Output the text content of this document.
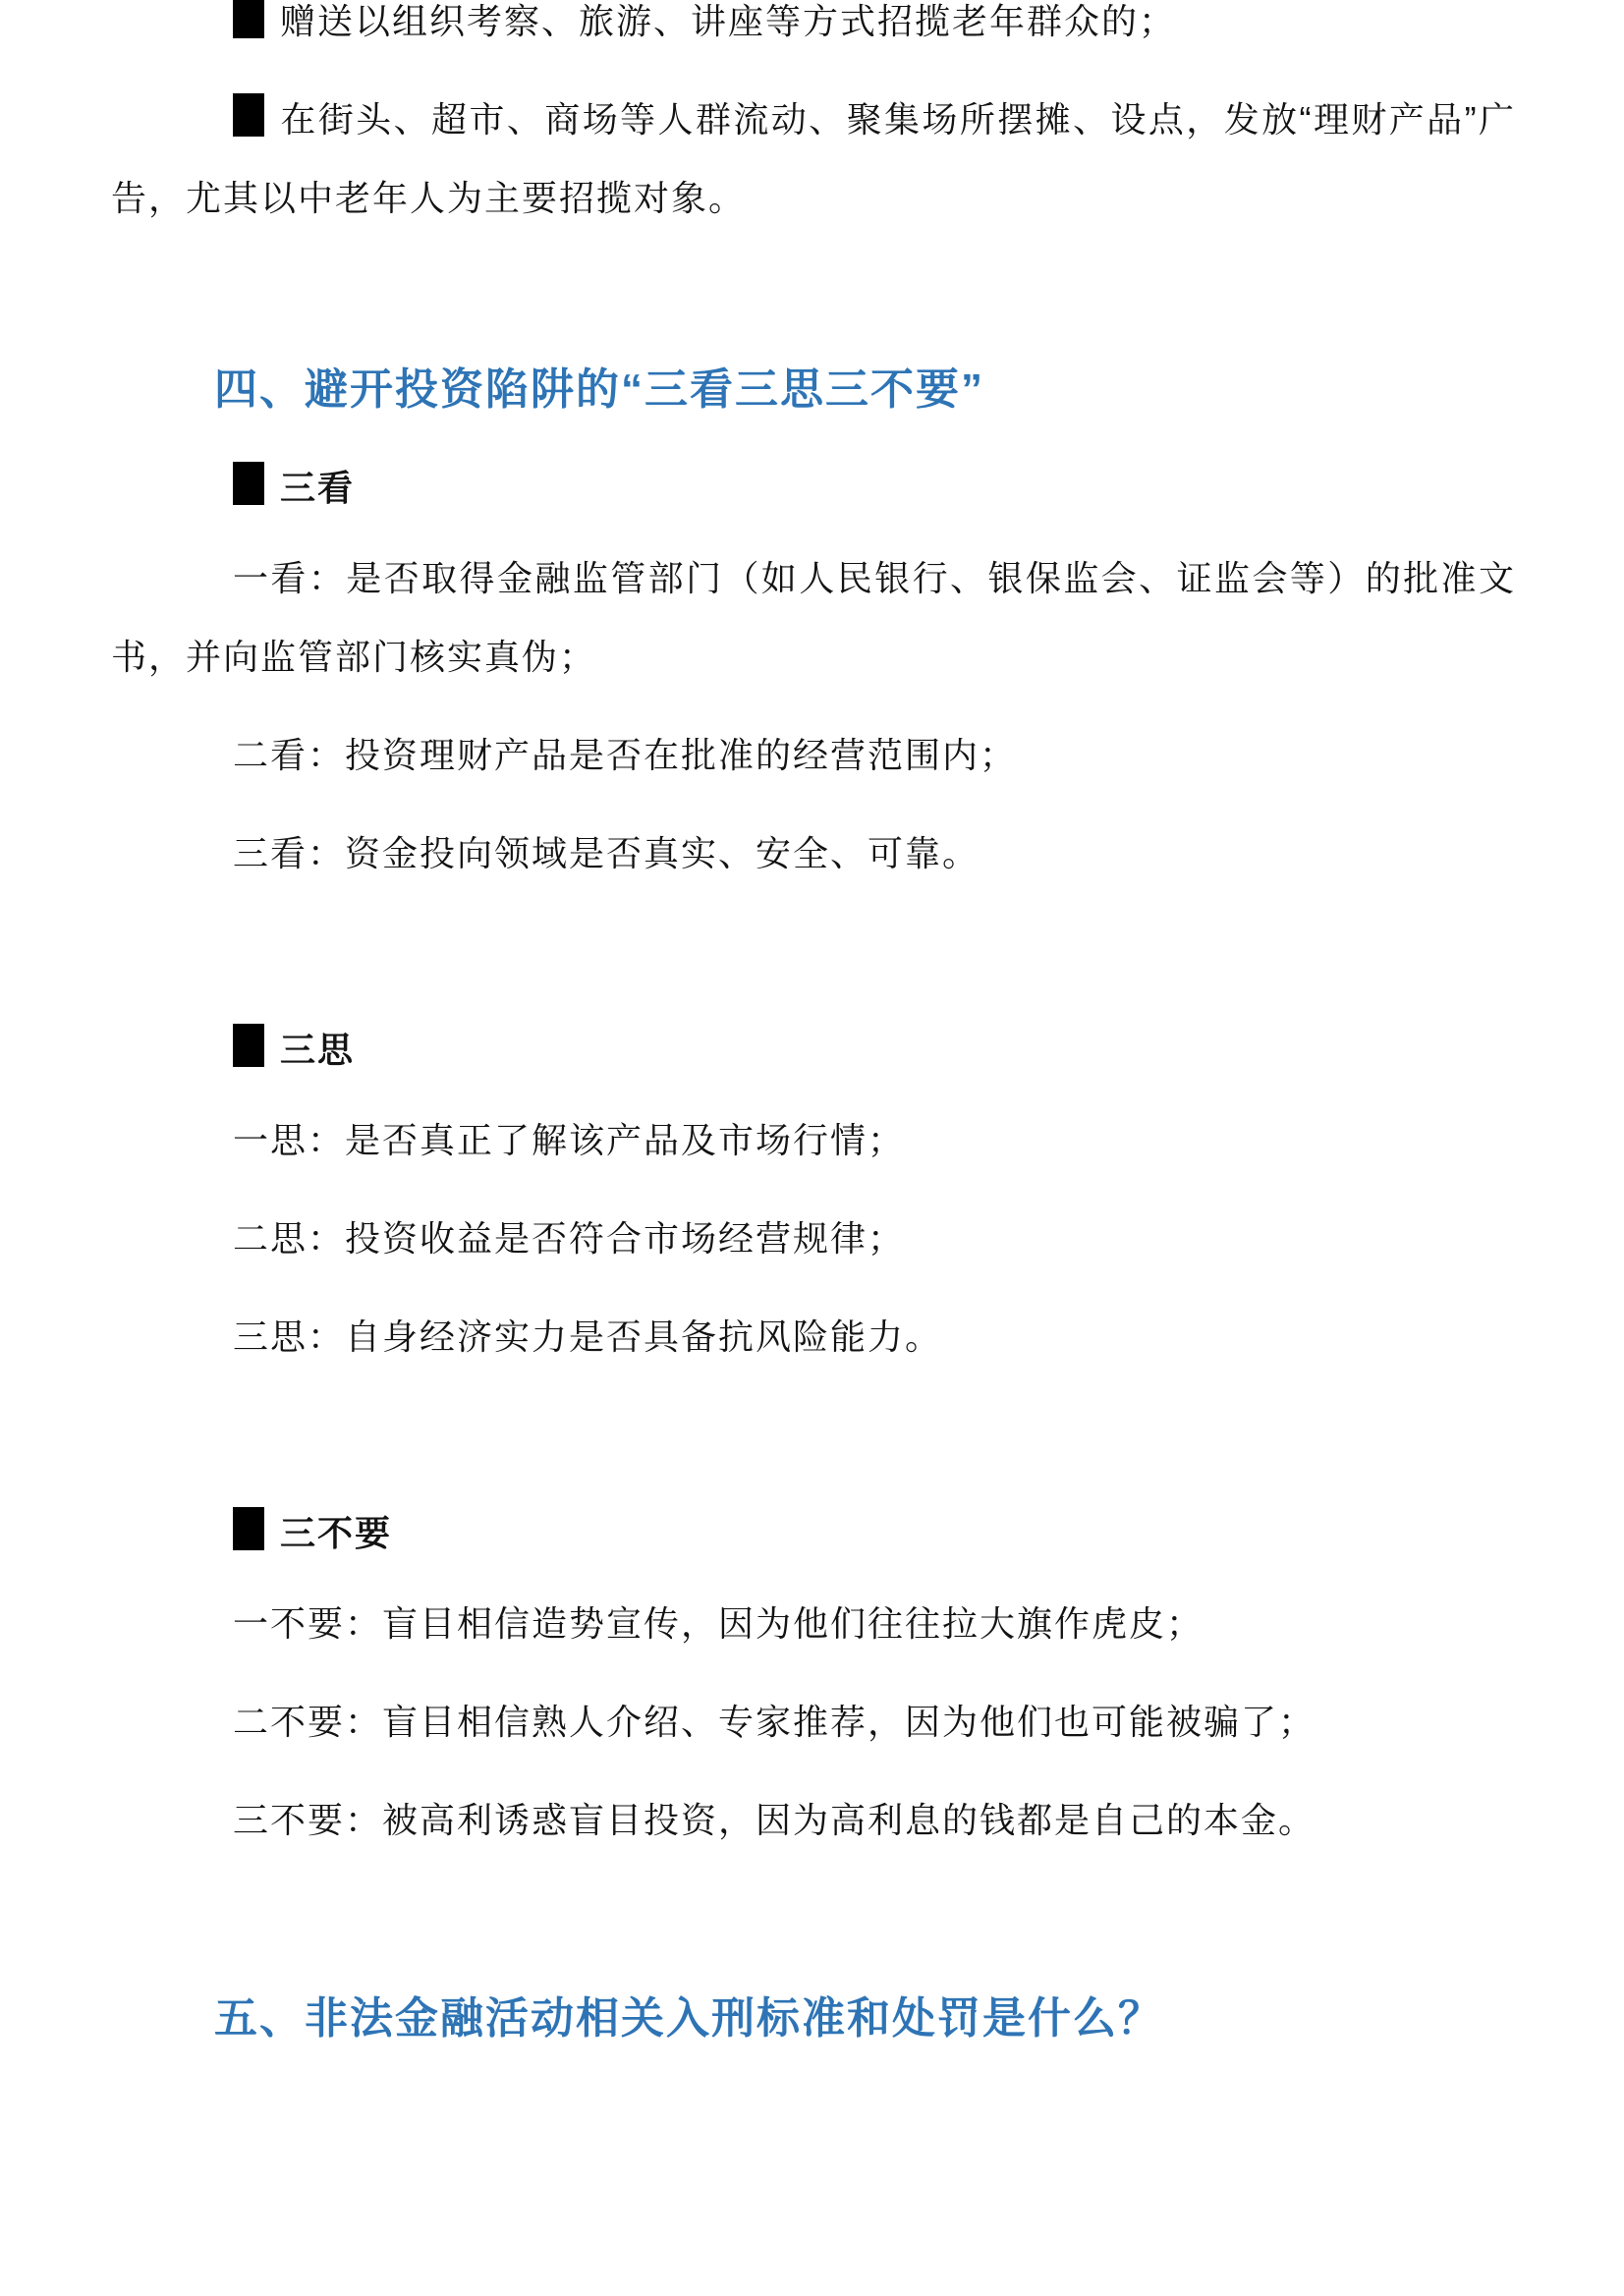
赠送以组织考察、旅游、讲座等方式招揽老年群众的；

在街头、超市、商场等人群流动、聚集场所摆摊、设点，发放“理财产品”广告，尤其以中老年人为主要招揽对象。

四、避开投资陷阱的“三看三思三不要”

三看

一看：是否取得金融监管部门（如人民银行、银保监会、证监会等）的批准文书，并向监管部门核实真伪；

二看：投资理财产品是否在批准的经营范围内；

三看：资金投向领域是否真实、安全、可靠。

三思

一思：是否真正了解该产品及市场行情；

二思：投资收益是否符合市场经营规律；

三思：自身经济实力是否具备抗风险能力。

三不要

一不要：盲目相信造势宣传，因为他们往往拉大旗作虎皮；

二不要：盲目相信熟人介绍、专家推荐，因为他们也可能被骗了；

三不要：被高利诱惑盲目投资，因为高利息的钱都是自己的本金。

五、非法金融活动相关入刑标准和处罚是什么？
